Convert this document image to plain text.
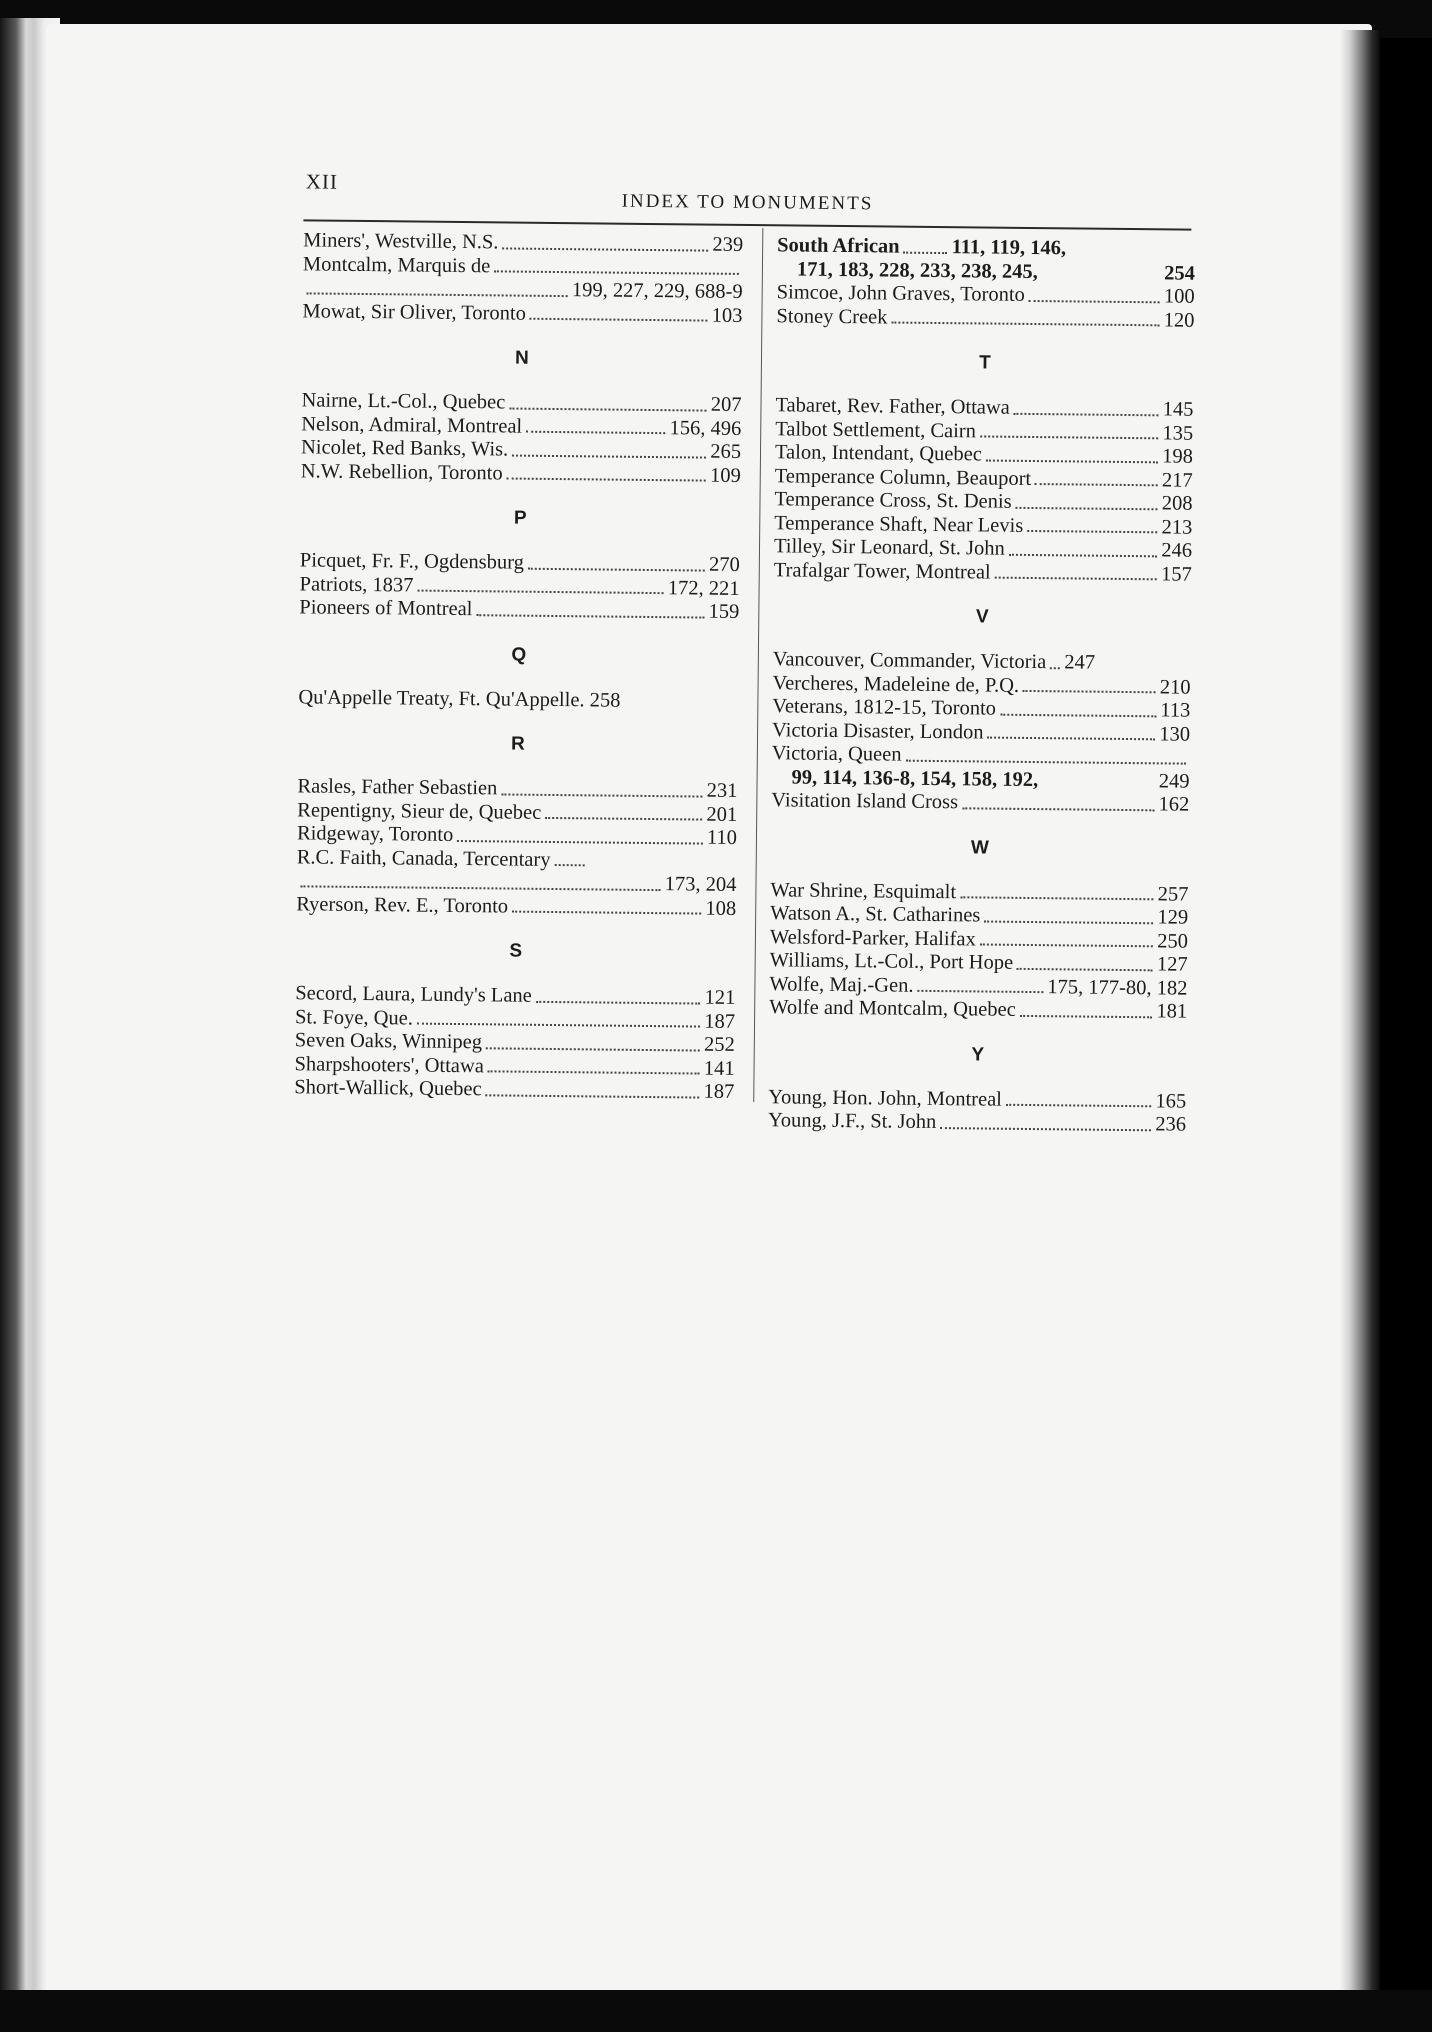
XII
INDEX TO MONUMENTS
Miners', Westville, N.S.	239
Montcalm, Marquis de
199, 227, 229, 688-9
Mowat, Sir Oliver, Toronto	103
N
Nairne, Lt.-Col., Quebec	207
Nelson, Admiral, Montreal	156, 496
Nicolet, Red Banks, Wis.	265
N.W. Rebellion, Toronto	109
P
Picquet, Fr. F., Ogdensburg	270
Patriots, 1837	172, 221
Pioneers of Montreal	159
Q
Qu'Appelle Treaty, Ft. Qu'Appelle. 258
R
Rasles, Father Sebastien	231
Repentigny, Sieur de, Quebec	201
Ridgeway, Toronto	110
R.C. Faith, Canada, Tercentary
173, 204
Ryerson, Rev. E., Toronto	108
S
Secord, Laura, Lundy's Lane	121
St. Foye, Que.	187
Seven Oaks, Winnipeg	252
Sharpshooters', Ottawa	141
Short-Wallick, Quebec	187
South African	111, 119, 146,
171, 183, 228, 233, 238, 245,	254
Simcoe, John Graves, Toronto	100
Stoney Creek	120
T
Tabaret, Rev. Father, Ottawa	145
Talbot Settlement, Cairn	135
Talon, Intendant, Quebec	198
Temperance Column, Beauport	217
Temperance Cross, St. Denis	208
Temperance Shaft, Near Levis	213
Tilley, Sir Leonard, St. John	246
Trafalgar Tower, Montreal	157
V
Vancouver, Commander, Victoria 247
Vercheres, Madeleine de, P.Q.	210
Veterans, 1812-15, Toronto	113
Victoria Disaster, London	130
Victoria, Queen
99, 114, 136-8, 154, 158, 192,	249
Visitation Island Cross	162
W
War Shrine, Esquimalt	257
Watson A., St. Catharines	129
Welsford-Parker, Halifax	250
Williams, Lt.-Col., Port Hope	127
Wolfe, Maj.-Gen.	175, 177-80, 182
Wolfe and Montcalm, Quebec	181
Y
Young, Hon. John, Montreal	165
Young, J.F., St. John	236
